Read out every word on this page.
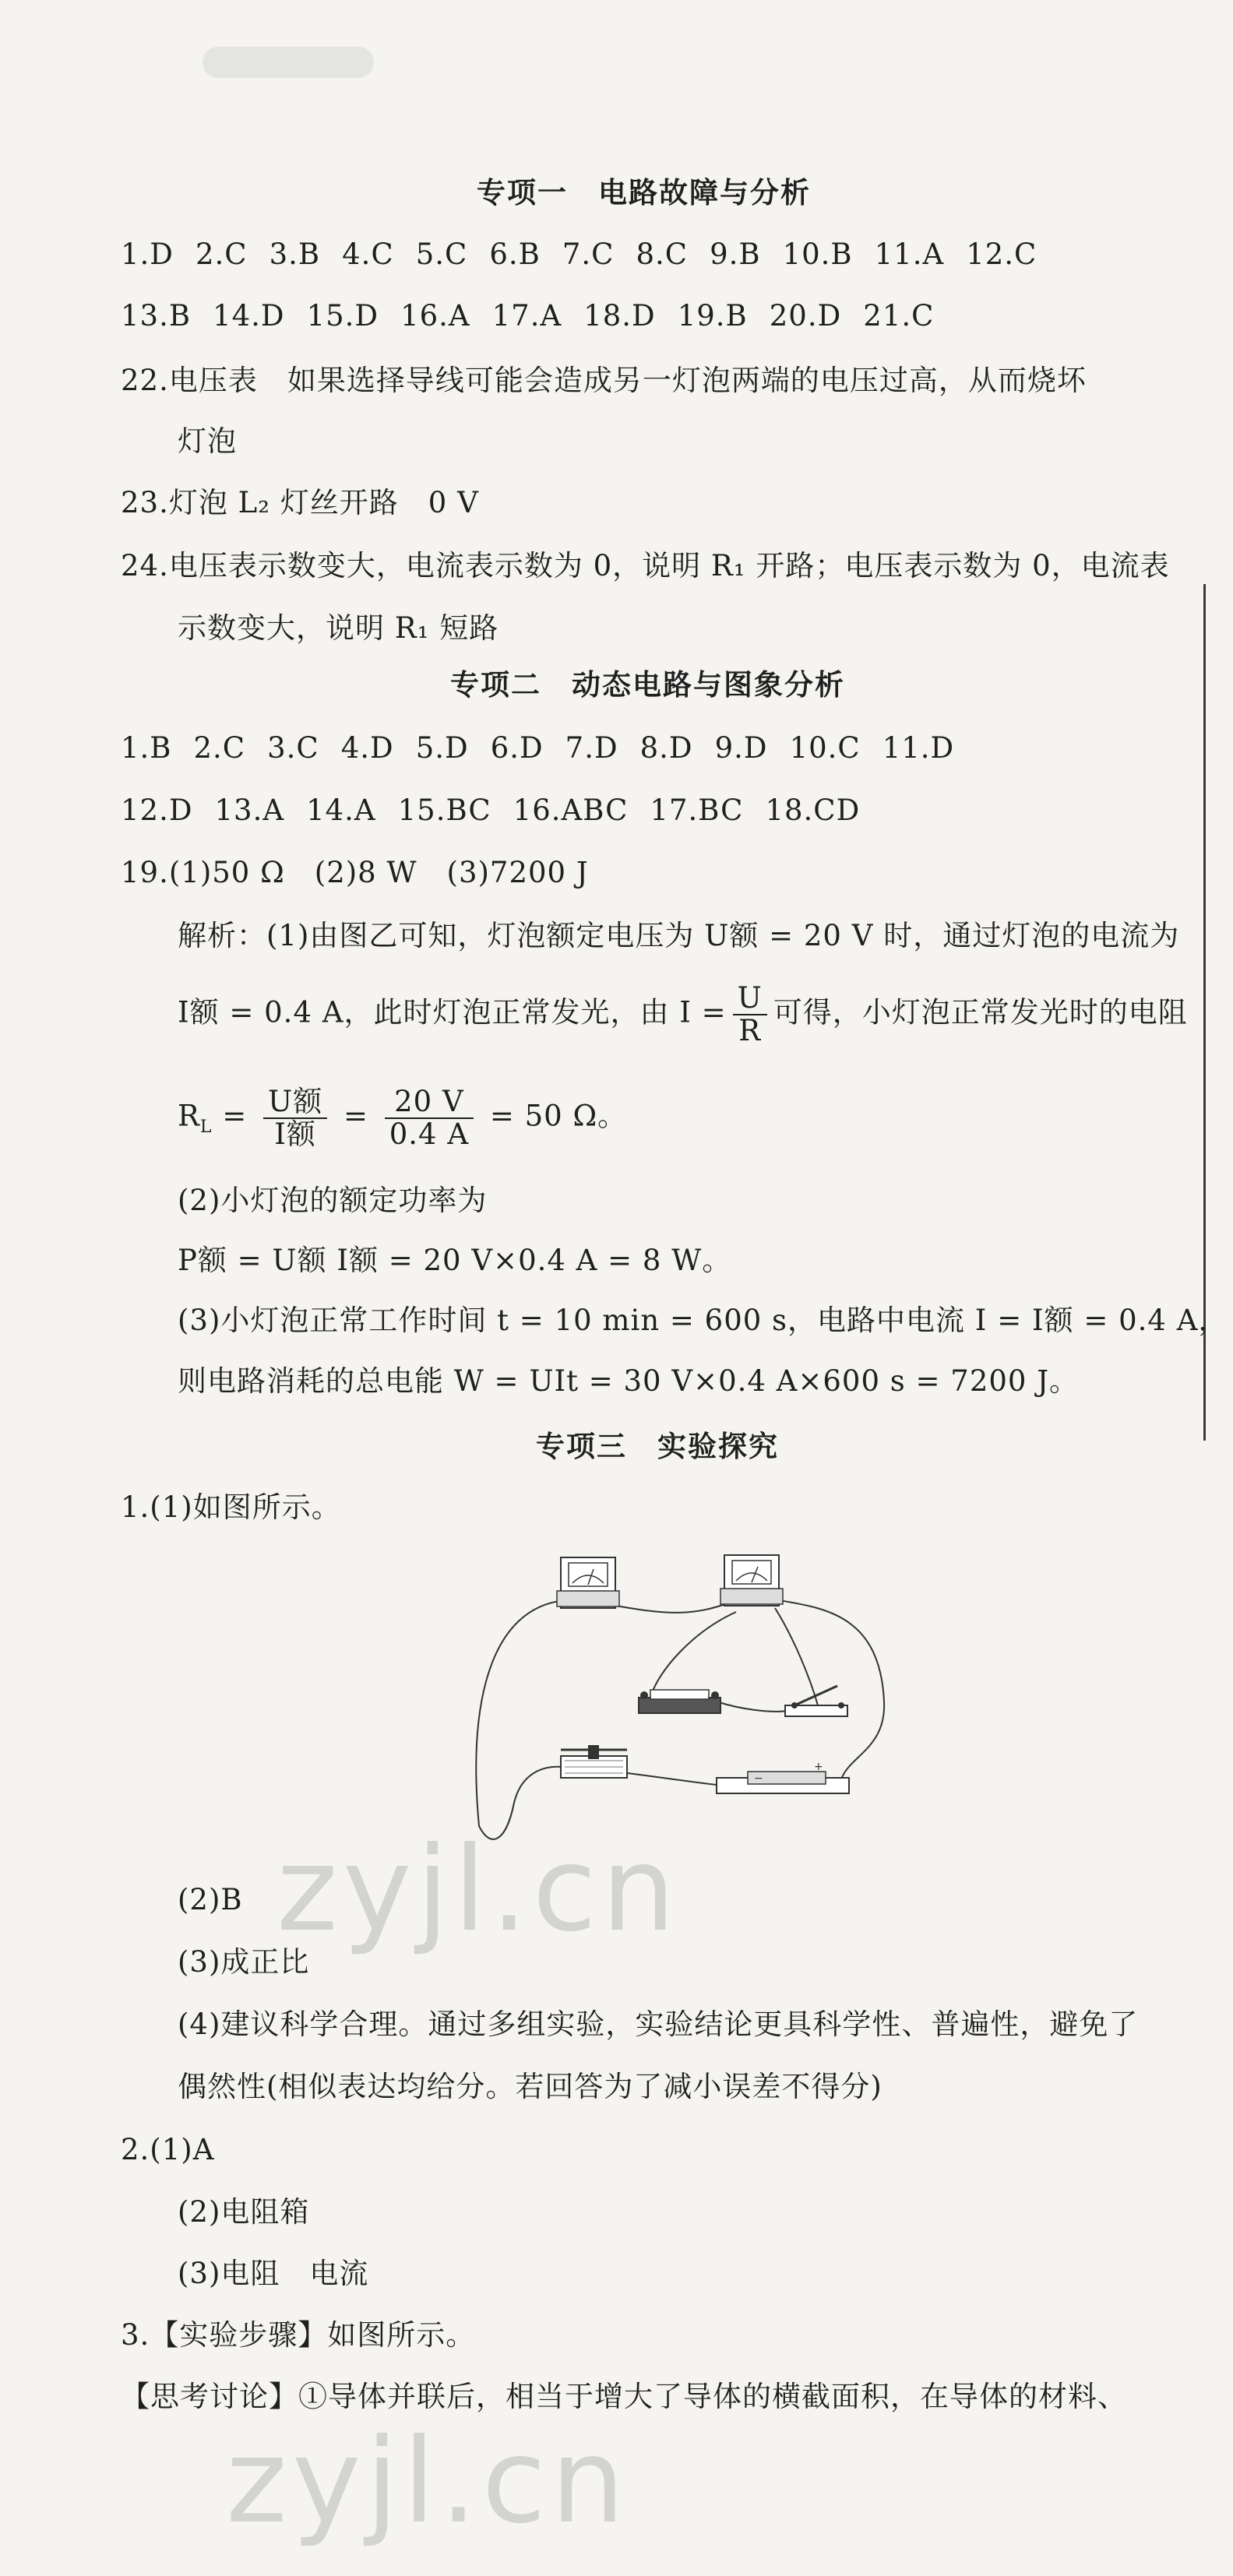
专项一　电路故障与分析
1.D 2.C 3.B 4.C 5.C 6.B 7.C 8.C 9.B 10.B 11.A 12.C
13.B 14.D 15.D 16.A 17.A 18.D 19.B 20.D 21.C
22.电压表　如果选择导线可能会造成另一灯泡两端的电压过高，从而烧坏
灯泡
23.灯泡 L₂ 灯丝开路　0 V
24.电压表示数变大，电流表示数为 0，说明 R₁ 开路；电压表示数为 0，电流表
示数变大，说明 R₁ 短路
专项二　动态电路与图象分析
1.B 2.C 3.C 4.D 5.D 6.D 7.D 8.D 9.D 10.C 11.D
12.D 13.A 14.A 15.BC 16.ABC 17.BC 18.CD
19.(1)50 Ω　(2)8 W　(3)7200 J
解析：(1)由图乙可知，灯泡额定电压为 U额 = 20 V 时，通过灯泡的电流为
I额 = 0.4 A，此时灯泡正常发光，由 $I = \frac{U}{R}$ 可得，小灯泡正常发光时的电阻
$R_L = \frac{\text{U额}}{\text{I额}} = \frac{20 V}{0.4 A} = 50$ Ω。
(2)小灯泡的额定功率为
P额 = U额 I额 = 20 V×0.4 A = 8 W。
(3)小灯泡正常工作时间 t = 10 min = 600 s，电路中电流 I = I额 = 0.4 A，
则电路消耗的总电能 W = UIt = 30 V×0.4 A×600 s = 7200 J。
专项三　实验探究
1.(1)如图所示。
−
+
(2)B
(3)成正比
(4)建议科学合理。通过多组实验，实验结论更具科学性、普遍性，避免了
偶然性(相似表达均给分。若回答为了减小误差不得分)
2.(1)A
(2)电阻箱
(3)电阻　电流
3.【实验步骤】如图所示。
【思考讨论】①导体并联后，相当于增大了导体的横截面积，在导体的材料、
zyjl.cn
zyjl.cn
